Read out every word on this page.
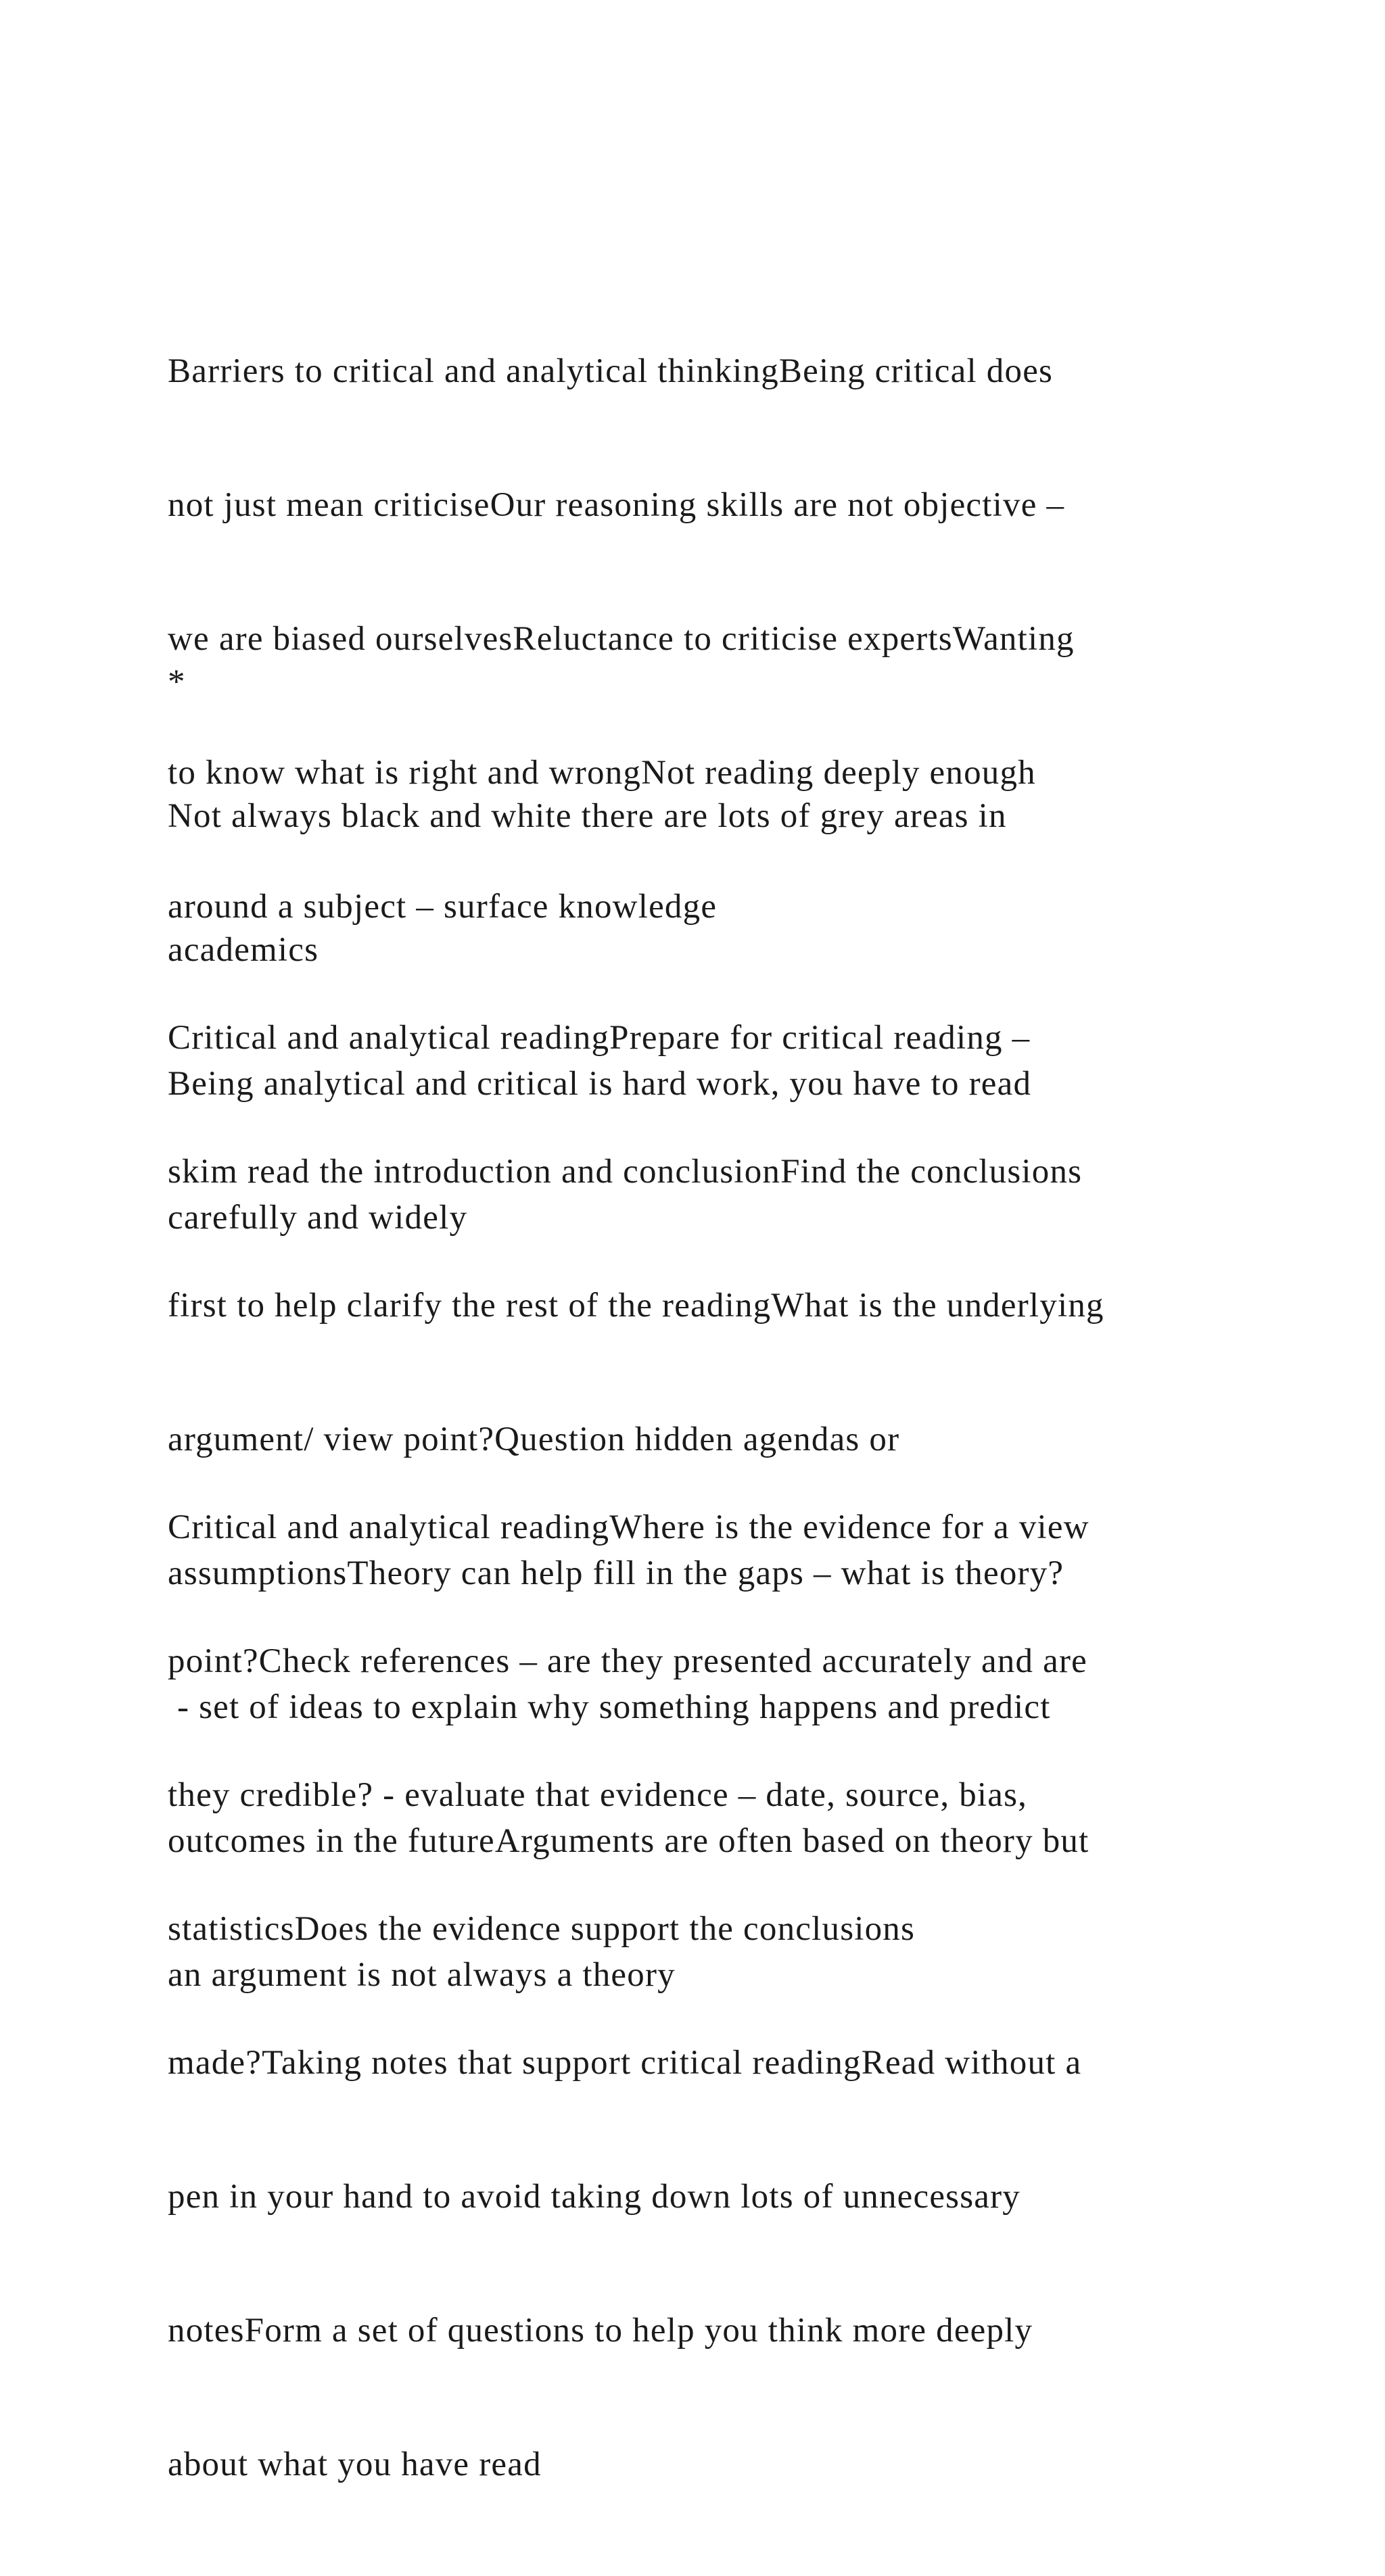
Barriers to critical and analytical thinkingBeing critical does

not just mean criticiseOur reasoning skills are not objective –

we are biased ourselvesReluctance to criticise expertsWanting

to know what is right and wrongNot reading deeply enough

around a subject – surface knowledge

*

Not always black and white there are lots of grey areas in

academics

Being analytical and critical is hard work, you have to read

carefully and widely

Critical and analytical readingPrepare for critical reading –

skim read the introduction and conclusionFind the conclusions

first to help clarify the rest of the readingWhat is the underlying

argument/ view point?Question hidden agendas or

assumptionsTheory can help fill in the gaps – what is theory?

- set of ideas to explain why something happens and predict

outcomes in the futureArguments are often based on theory but

an argument is not always a theory

Critical and analytical readingWhere is the evidence for a view

point?Check references – are they presented accurately and are

they credible? - evaluate that evidence – date, source, bias,

statisticsDoes the evidence support the conclusions

made?Taking notes that support critical readingRead without a

pen in your hand to avoid taking down lots of unnecessary

notesForm a set of questions to help you think more deeply

about what you have read
